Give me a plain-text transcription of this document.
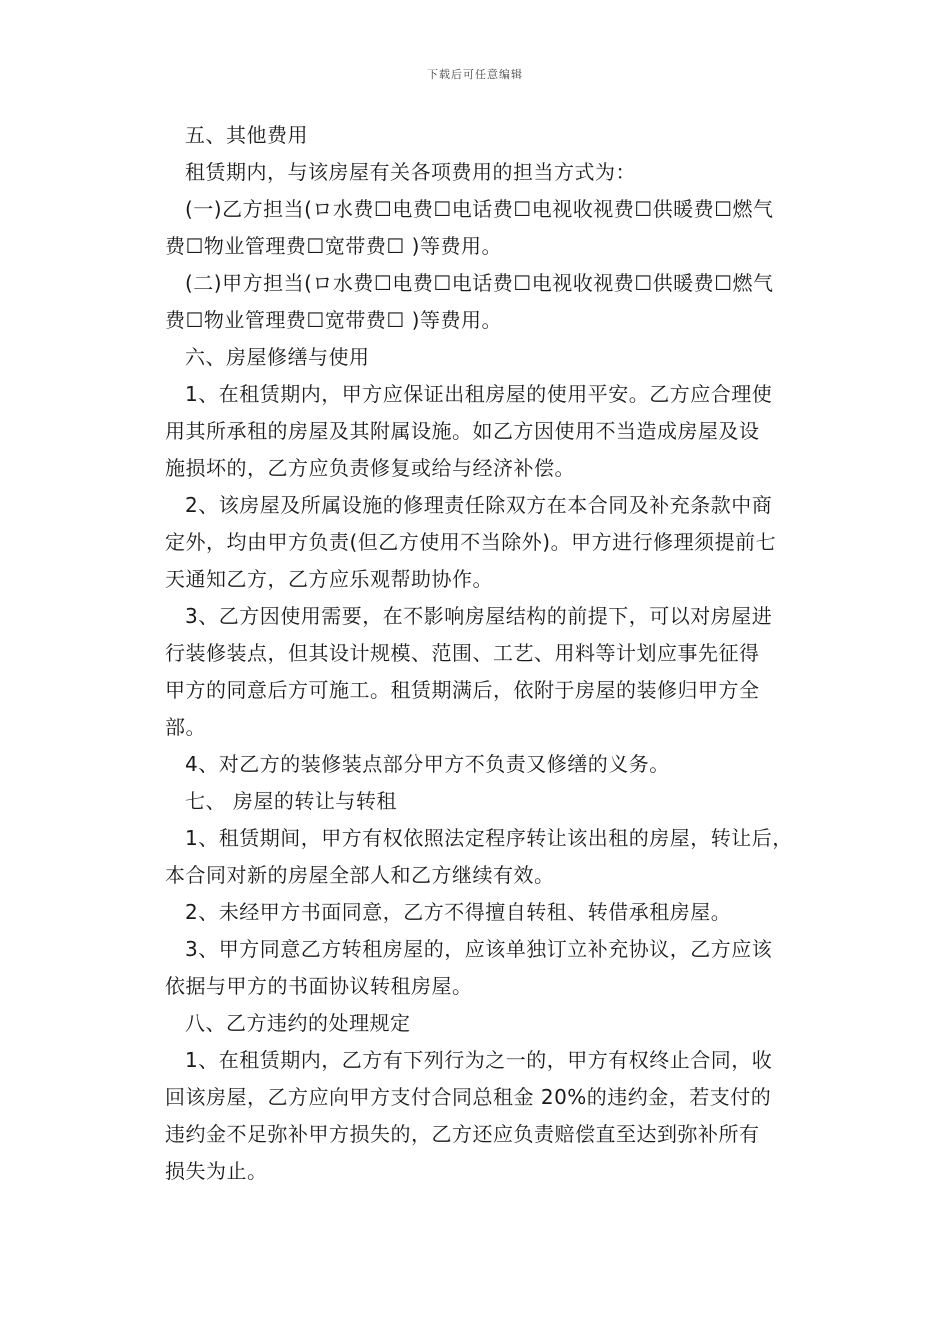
下载后可任意编辑
五、其他费用
租赁期内，与该房屋有关各项费用的担当方式为：
(一)乙方担当(ロ水费☐电费☐电话费☐电视收视费☐供暖费☐燃气
费☐物业管理费☐宽带费☐ )等费用。
(二)甲方担当(ロ水费☐电费☐电话费☐电视收视费☐供暖费☐燃气
费☐物业管理费☐宽带费☐ )等费用。
六、房屋修缮与使用
1、在租赁期内，甲方应保证出租房屋的使用平安。乙方应合理使
用其所承租的房屋及其附属设施。如乙方因使用不当造成房屋及设
施损坏的，乙方应负责修复或给与经济补偿。
2、该房屋及所属设施的修理责任除双方在本合同及补充条款中商
定外，均由甲方负责(但乙方使用不当除外)。甲方进行修理须提前七
天通知乙方，乙方应乐观帮助协作。
3、乙方因使用需要，在不影响房屋结构的前提下，可以对房屋进
行装修装点，但其设计规模、范围、工艺、用料等计划应事先征得
甲方的同意后方可施工。租赁期满后，依附于房屋的装修归甲方全
部。
4、对乙方的装修装点部分甲方不负责又修缮的义务。
七、 房屋的转让与转租
1、租赁期间，甲方有权依照法定程序转让该出租的房屋，转让后，
本合同对新的房屋全部人和乙方继续有效。
2、未经甲方书面同意，乙方不得擅自转租、转借承租房屋。
3、甲方同意乙方转租房屋的，应该单独订立补充协议，乙方应该
依据与甲方的书面协议转租房屋。
八、乙方违约的处理规定
1、在租赁期内，乙方有下列行为之一的，甲方有权终止合同，收
回该房屋，乙方应向甲方支付合同总租金 20%的违约金，若支付的
违约金不足弥补甲方损失的，乙方还应负责赔偿直至达到弥补所有
损失为止。
